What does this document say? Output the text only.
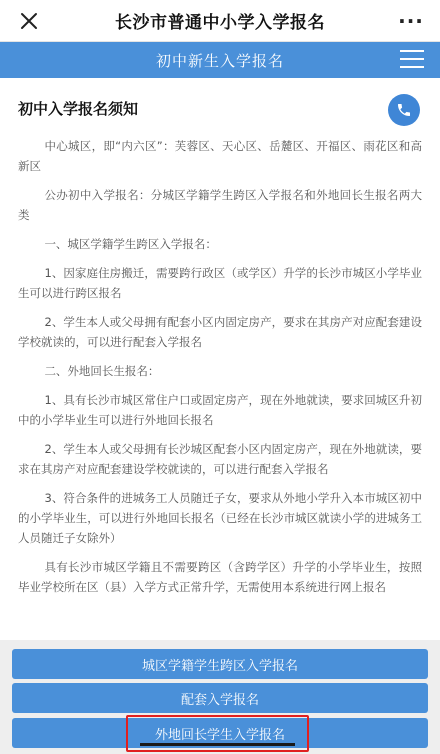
长沙市普通中小学入学报名	···
初中新生入学报名
初中入学报名须知

中心城区，即“内六区”：芙蓉区、天心区、岳麓区、开福区、雨花区和高新区

公办初中入学报名：分城区学籍学生跨区入学报名和外地回长生报名两大类

一、城区学籍学生跨区入学报名：

1、因家庭住房搬迁，需要跨行政区（或学区）升学的长沙市城区小学毕业生可以进行跨区报名

2、学生本人或父母拥有配套小区内固定房产，要求在其房产对应配套建设学校就读的，可以进行配套入学报名

二、外地回长生报名：

1、具有长沙市城区常住户口或固定房产，现在外地就读，要求回城区升初中的小学毕业生可以进行外地回长报名

2、学生本人或父母拥有长沙城区配套小区内固定房产，现在外地就读，要求在其房产对应配套建设学校就读的，可以进行配套入学报名

3、符合条件的进城务工人员随迁子女，要求从外地小学升入本市城区初中的小学毕业生，可以进行外地回长报名（已经在长沙市城区就读小学的进城务工人员随迁子女除外）

具有长沙市城区学籍且不需要跨区（含跨学区）升学的小学毕业生，按照毕业学校所在区（县）入学方式正常升学，无需使用本系统进行网上报名

城区学籍学生跨区入学报名
配套入学报名
外地回长学生入学报名
